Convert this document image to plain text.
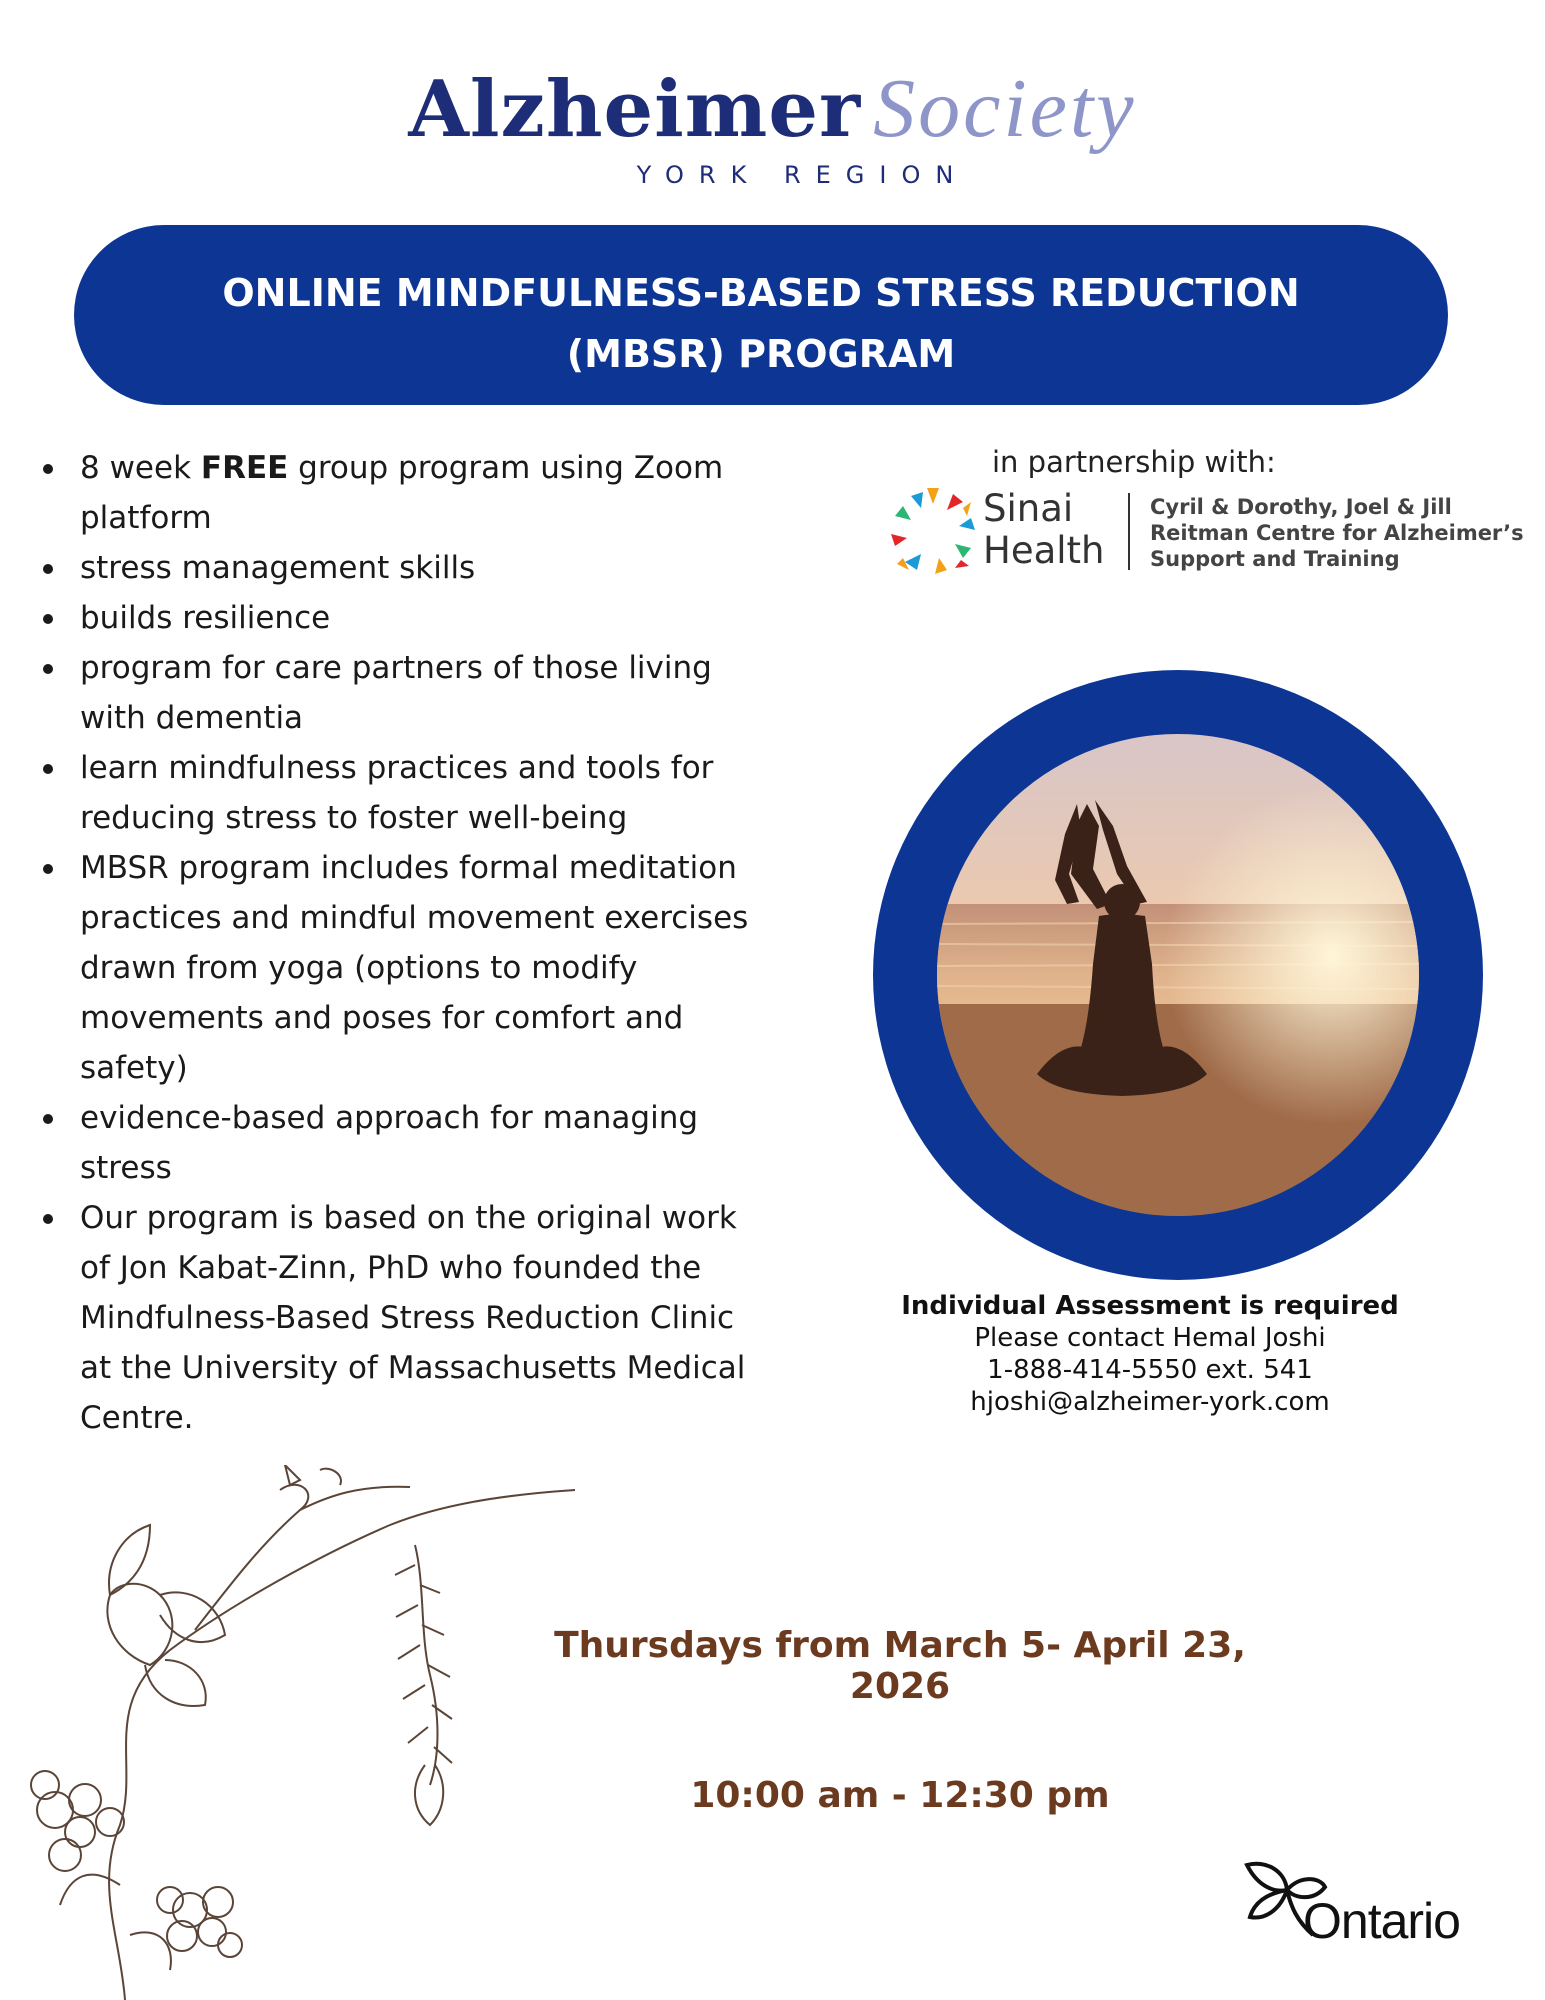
Alzheimer Society
YORK REGION
ONLINE MINDFULNESS-BASED STRESS REDUCTION (MBSR) PROGRAM
8 week FREE group program using Zoom platform
stress management skills
builds resilience
program for care partners of those living with dementia
learn mindfulness practices and tools for reducing stress to foster well-being
MBSR program includes formal meditation practices and mindful movement exercises drawn from yoga (options to modify movements and poses for comfort and safety)
evidence-based approach for managing stress
Our program is based on the original work of Jon Kabat-Zinn, PhD who founded the Mindfulness-Based Stress Reduction Clinic at the University of Massachusetts Medical Centre.
in partnership with:
Sinai
Health
Cyril & Dorothy, Joel & Jill
Reitman Centre for Alzheimer’s
Support and Training
Individual Assessment is required
Please contact Hemal Joshi
1-888-414-5550 ext. 541
hjoshi@alzheimer-york.com
Thursdays from March 5- April 23, 2026
10:00 am - 12:30 pm
Ontario
